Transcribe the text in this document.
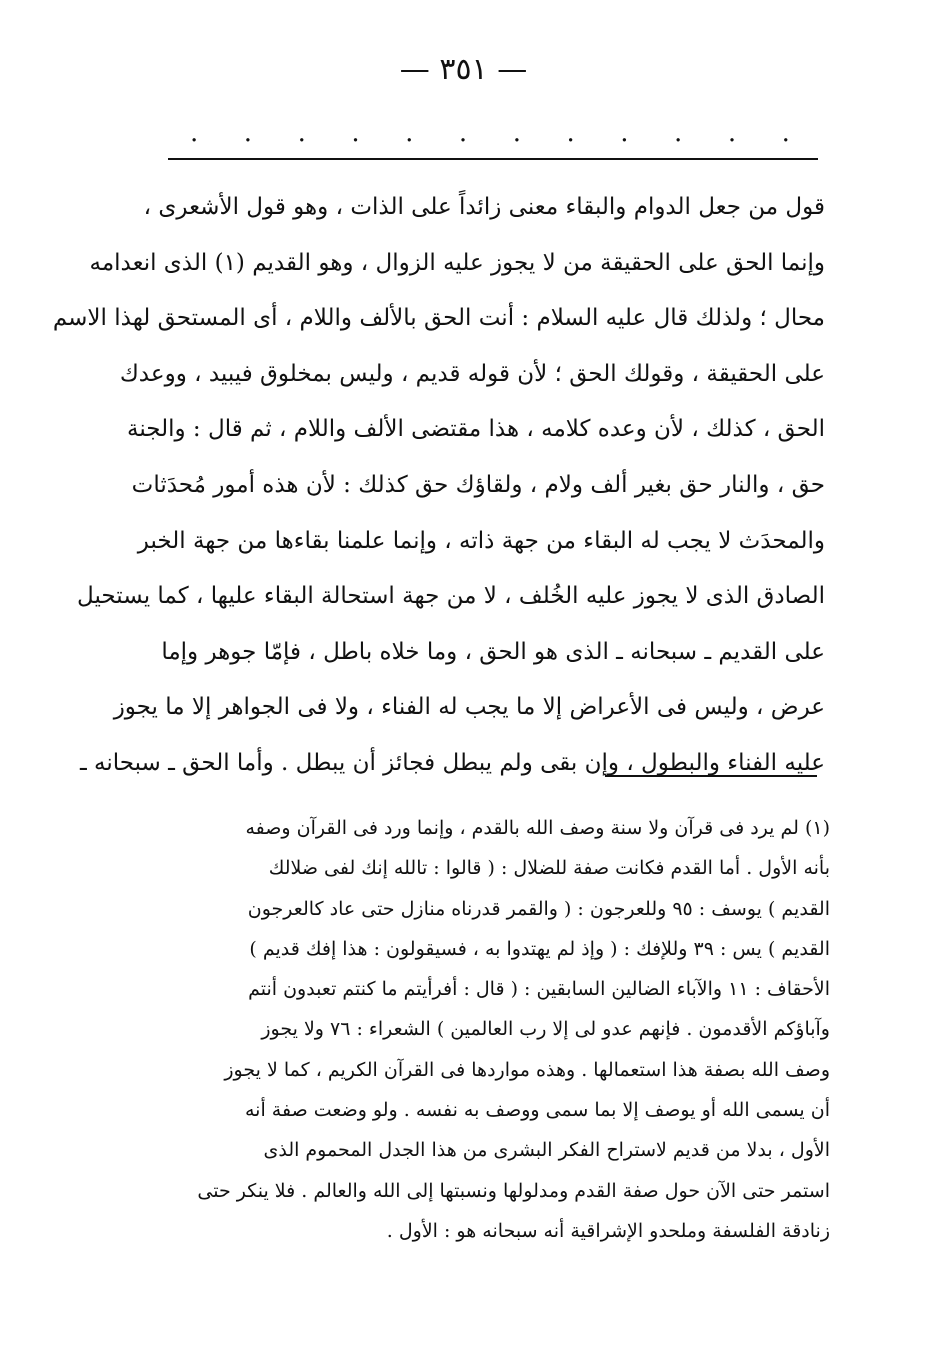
— ٣٥١ —
. . . . . . . . . . . .
قول من جعل الدوام والبقاء معنى زائداً على الذات ، وهو قول الأشعرى ،
وإنما الحق على الحقيقة من لا يجوز عليه الزوال ، وهو القديم (١) الذى انعدامه
محال ؛ ولذلك قال عليه السلام : أنت الحق بالألف واللام ، أى المستحق لهذا الاسم
على الحقيقة ، وقولك الحق ؛ لأن قوله قديم ، وليس بمخلوق فيبيد ، ووعدك
الحق ، كذلك ، لأن وعده كلامه ، هذا مقتضى الألف واللام ، ثم قال : والجنة
حق ، والنار حق بغير ألف ولام ، ولقاؤك حق كذلك : لأن هذه أمور مُحدَثات
والمحدَث لا يجب له البقاء من جهة ذاته ، وإنما علمنا بقاءها من جهة الخبر
الصادق الذى لا يجوز عليه الخُلف ، لا من جهة استحالة البقاء عليها ، كما يستحيل
على القديم ـ سبحانه ـ الذى هو الحق ، وما خلاه باطل ، فإمّا جوهر وإما
عرض ، وليس فى الأعراض إلا ما يجب له الفناء ، ولا فى الجواهر إلا ما يجوز
عليه الفناء والبطول ، وإن بقى ولم يبطل فجائز أن يبطل . وأما الحق ـ سبحانه ـ
(١) لم يرد فى قرآن ولا سنة وصف الله بالقدم ، وإنما ورد فى القرآن وصفه
بأنه الأول . أما القدم فكانت صفة للضلال : ( قالوا : تالله إنك لفى ضلالك
القديم ) يوسف : ٩٥ وللعرجون : ( والقمر قدرناه منازل حتى عاد كالعرجون
القديم ) يس : ٣٩ وللإفك : ( وإذ لم يهتدوا به ، فسيقولون : هذا إفك قديم )
الأحقاف : ١١ والآباء الضالين السابقين : ( قال : أفرأيتم ما كنتم تعبدون أنتم
وآباؤكم الأقدمون . فإنهم عدو لى إلا رب العالمين ) الشعراء : ٧٦ ولا يجوز
وصف الله بصفة هذا استعمالها . وهذه مواردها فى القرآن الكريم ، كما لا يجوز
أن يسمى الله أو يوصف إلا بما سمى ووصف به نفسه . ولو وضعت صفة أنه
الأول ، بدلا من قديم لاستراح الفكر البشرى من هذا الجدل المحموم الذى
استمر حتى الآن حول صفة القدم ومدلولها ونسبتها إلى الله والعالم . فلا ينكر حتى
زنادقة الفلسفة وملحدو الإشراقية أنه سبحانه هو : الأول .
